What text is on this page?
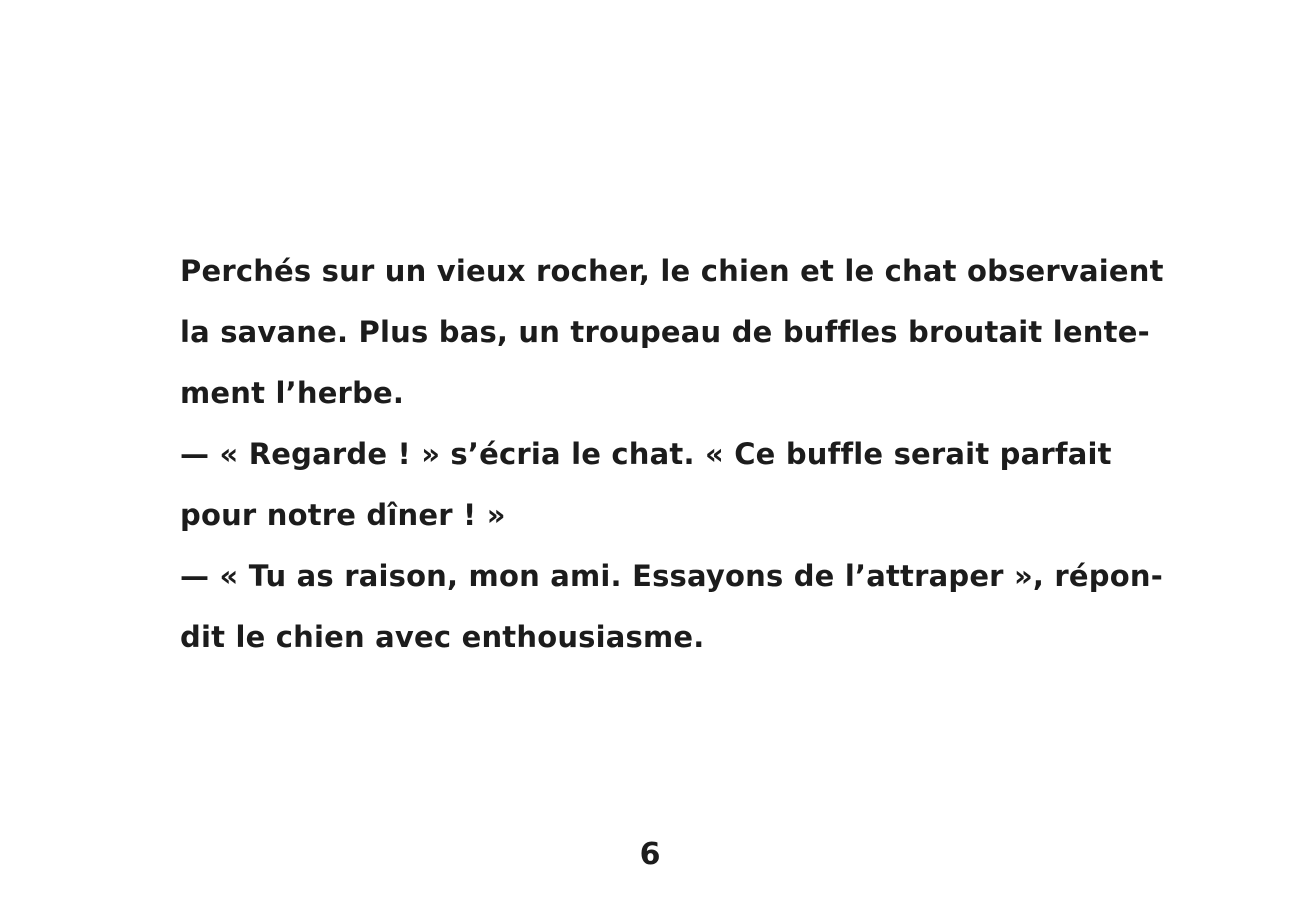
Perchés sur un vieux rocher, le chien et le chat observaient
la savane. Plus bas, un troupeau de buffles broutait lente-
ment l’herbe.
— « Regarde ! » s’écria le chat. « Ce buffle serait parfait
pour notre dîner ! »
— « Tu as raison, mon ami. Essayons de l’attraper », répon-
dit le chien avec enthousiasme.
6
